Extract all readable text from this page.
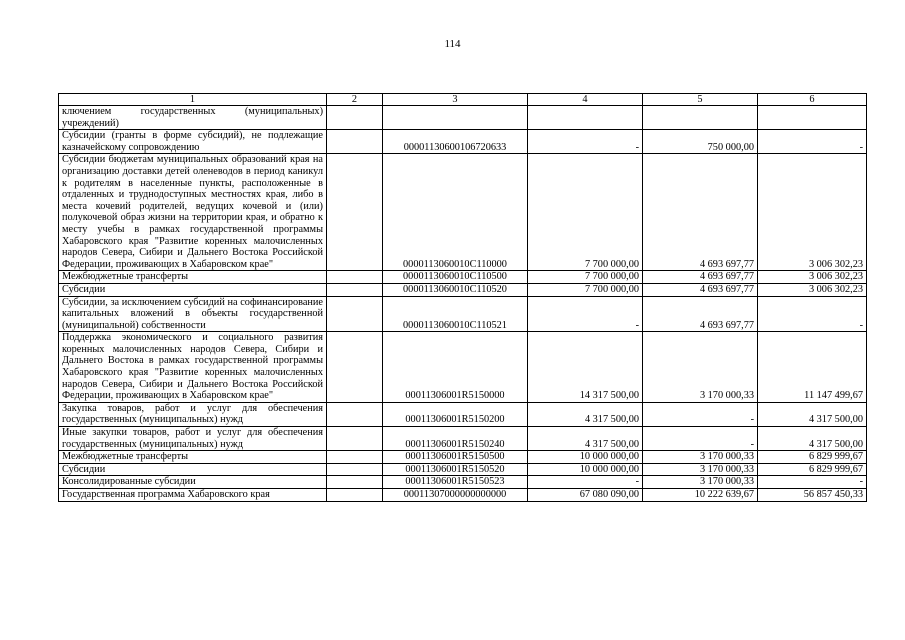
114
1	2	3	4	5	6
ключением государственных (муниципальных) учреждений)					
Субсидии (гранты в форме субсидий), не подлежащие казначейскому сопровождению		00001130600106720633	-	750 000,00	-
Субсидии бюджетам муниципальных образований края на организацию доставки детей оленеводов в период каникул к родителям в населенные пункты, расположенные в отдаленных и труднодоступных местностях края, либо в места кочевий родителей, ведущих кочевой и (или) полукочевой образ жизни на территории края, и обратно к месту учебы в рамках государственной программы Хабаровского края "Развитие коренных малочисленных народов Севера, Сибири и Дальнего Востока Российской Федерации, проживающих в Хабаровском крае"		0000113060010C110000	7 700 000,00	4 693 697,77	3 006 302,23
Межбюджетные трансферты		0000113060010C110500	7 700 000,00	4 693 697,77	3 006 302,23
Субсидии		0000113060010C110520	7 700 000,00	4 693 697,77	3 006 302,23
Субсидии, за исключением субсидий на софинансирование капитальных вложений в объекты государственной (муниципальной) собственности		0000113060010C110521	-	4 693 697,77	-
Поддержка экономического и социального развития коренных малочисленных народов Севера, Сибири и Дальнего Востока в рамках государственной программы Хабаровского края "Развитие коренных малочисленных народов Севера, Сибири и Дальнего Востока Российской Федерации, проживающих в Хабаровском крае"		00011306001R5150000	14 317 500,00	3 170 000,33	11 147 499,67
Закупка товаров, работ и услуг для обеспечения государственных (муниципальных) нужд		00011306001R5150200	4 317 500,00	-	4 317 500,00
Иные закупки товаров, работ и услуг для обеспечения государственных (муниципальных) нужд		00011306001R5150240	4 317 500,00	-	4 317 500,00
Межбюджетные трансферты		00011306001R5150500	10 000 000,00	3 170 000,33	6 829 999,67
Субсидии		00011306001R5150520	10 000 000,00	3 170 000,33	6 829 999,67
Консолидированные субсидии		00011306001R5150523	-	3 170 000,33	-
Государственная программа Хабаровского края		00011307000000000000	67 080 090,00	10 222 639,67	56 857 450,33
